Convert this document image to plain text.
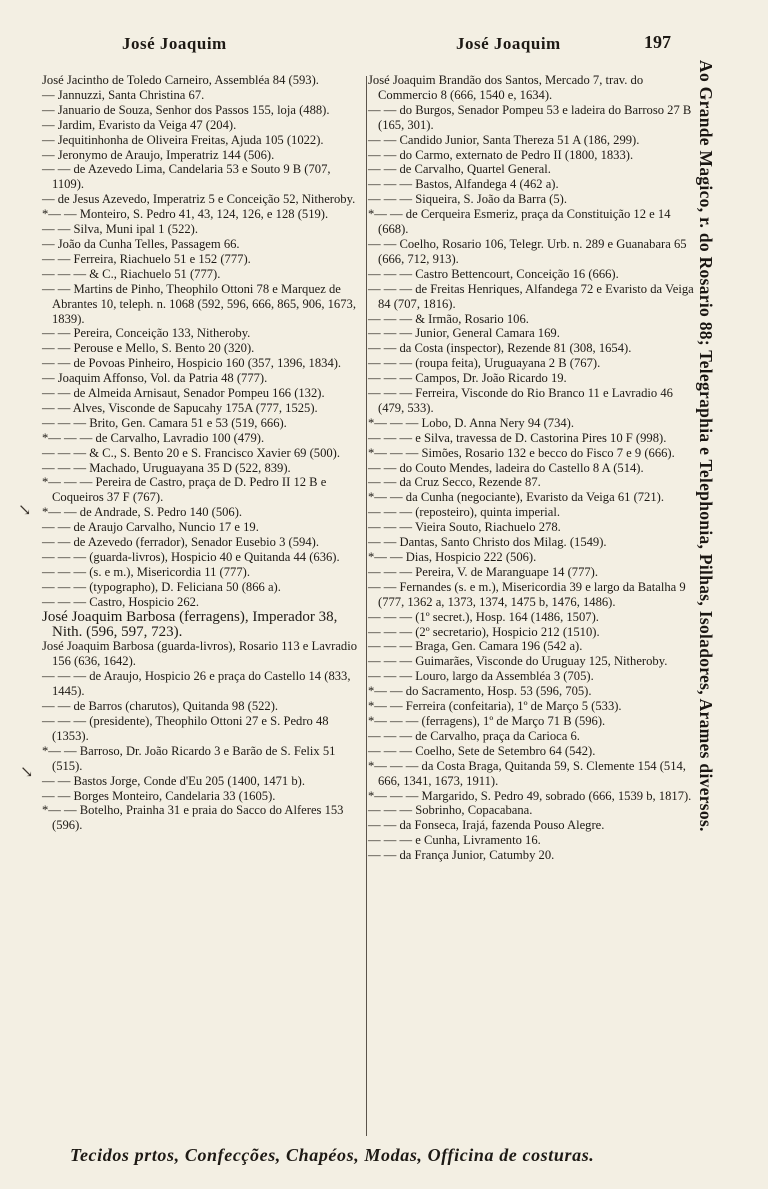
José Joaquim	José Joaquim	197
José Jacintho de Toledo Carneiro, Assembléa 84 (593).
— Jannuzzi, Santa Christina 67.
— Januario de Souza, Senhor dos Passos 155, loja (488).
— Jardim, Evaristo da Veiga 47 (204).
— Jequitinhonha de Oliveira Freitas, Ajuda 105 (1022).
— Jeronymo de Araujo, Imperatriz 144 (506).
— — de Azevedo Lima, Candelaria 53 e Souto 9 B (707, 1109).
— de Jesus Azevedo, Imperatriz 5 e Conceição 52, Nitheroby.
*— — Monteiro, S. Pedro 41, 43, 124, 126, e 128 (519).
— — Silva, Muni ipal 1 (522).
— João da Cunha Telles, Passagem 66.
— — Ferreira, Riachuelo 51 e 152 (777).
— — — & C., Riachuelo 51 (777).
— — Martins de Pinho, Theophilo Ottoni 78 e Marquez de Abrantes 10, teleph. n. 1068 (592, 596, 666, 865, 906, 1673, 1839).
— — Pereira, Conceição 133, Nitheroby.
— — Perouse e Mello, S. Bento 20 (320).
— — de Povoas Pinheiro, Hospicio 160 (357, 1396, 1834).
— Joaquim Affonso, Vol. da Patria 48 (777).
— — de Almeida Arnisaut, Senador Pompeu 166 (132).
— — Alves, Visconde de Sapucahy 175A (777, 1525).
— — — Brito, Gen. Camara 51 e 53 (519, 666).
*— — — de Carvalho, Lavradio 100 (479).
— — — & C., S. Bento 20 e S. Francisco Xavier 69 (500).
— — — Machado, Uruguayana 35 D (522, 839).
*— — — Pereira de Castro, praça de D. Pedro II 12 B e Coqueiros 37 F (767).
*— — de Andrade, S. Pedro 140 (506).
— — de Araujo Carvalho, Nuncio 17 e 19.
— — de Azevedo (ferrador), Senador Eusebio 3 (594).
— — — (guarda-livros), Hospicio 40 e Quitanda 44 (636).
— — — (s. e m.), Misericordia 11 (777).
— — — (typographo), D. Feliciana 50 (866 a).
— — — Castro, Hospicio 262.
José Joaquim Barbosa (ferragens), Imperador 38, Nith. (596, 597, 723).
José Joaquim Barbosa (guarda-livros), Rosario 113 e Lavradio 156 (636, 1642).
— — — de Araujo, Hospicio 26 e praça do Castello 14 (833, 1445).
— — de Barros (charutos), Quitanda 98 (522).
— — — (presidente), Theophilo Ottoni 27 e S. Pedro 48 (1353).
*— — Barroso, Dr. João Ricardo 3 e Barão de S. Felix 51 (515).
— — Bastos Jorge, Conde d'Eu 205 (1400, 1471 b).
— — Borges Monteiro, Candelaria 33 (1605).
*— — Botelho, Prainha 31 e praia do Sacco do Alferes 153 (596).
José Joaquim Brandão dos Santos, Mercado 7, trav. do Commercio 8 (666, 1540 e, 1634).
— — do Burgos, Senador Pompeu 53 e ladeira do Barroso 27 B (165, 301).
— — Candido Junior, Santa Thereza 51 A (186, 299).
— — do Carmo, externato de Pedro II (1800, 1833).
— — de Carvalho, Quartel General.
— — — Bastos, Alfandega 4 (462 a).
— — — Siqueira, S. João da Barra (5).
*— — de Cerqueira Esmeriz, praça da Constituição 12 e 14 (668).
— — Coelho, Rosario 106, Telegr. Urb. n. 289 e Guanabara 65 (666, 712, 913).
— — — Castro Bettencourt, Conceição 16 (666).
— — — de Freitas Henriques, Alfandega 72 e Evaristo da Veiga 84 (707, 1816).
— — — & Irmão, Rosario 106.
— — — Junior, General Camara 169.
— — da Costa (inspector), Rezende 81 (308, 1654).
— — — (roupa feita), Uruguayana 2 B (767).
— — — Campos, Dr. João Ricardo 19.
— — — Ferreira, Visconde do Rio Branco 11 e Lavradio 46 (479, 533).
*— — — Lobo, D. Anna Nery 94 (734).
— — — e Silva, travessa de D. Castorina Pires 10 F (998).
*— — — Simões, Rosario 132 e becco do Fisco 7 e 9 (666).
— — do Couto Mendes, ladeira do Castello 8 A (514).
— — da Cruz Secco, Rezende 87.
*— — da Cunha (negociante), Evaristo da Veiga 61 (721).
— — — (reposteiro), quinta imperial.
— — — Vieira Souto, Riachuelo 278.
— — Dantas, Santo Christo dos Milag. (1549).
*— — Dias, Hospicio 222 (506).
— — — Pereira, V. de Maranguape 14 (777).
— — Fernandes (s. e m.), Misericordia 39 e largo da Batalha 9 (777, 1362 a, 1373, 1374, 1475 b, 1476, 1486).
— — — (1º secret.), Hosp. 164 (1486, 1507).
— — — (2º secretario), Hospicio 212 (1510).
— — — Braga, Gen. Camara 196 (542 a).
— — — Guimarães, Visconde do Uruguay 125, Nitheroby.
— — — Louro, largo da Assembléa 3 (705).
*— — do Sacramento, Hosp. 53 (596, 705).
*— — Ferreira (confeitaria), 1º de Março 5 (533).
*— — — (ferragens), 1º de Março 71 B (596).
— — — de Carvalho, praça da Carioca 6.
— — — Coelho, Sete de Setembro 64 (542).
*— — — da Costa Braga, Quitanda 59, S. Clemente 154 (514, 666, 1341, 1673, 1911).
*— — — Margarido, S. Pedro 49, sobrado (666, 1539 b, 1817).
— — — Sobrinho, Copacabana.
— — da Fonseca, Irajá, fazenda Pouso Alegre.
— — — e Cunha, Livramento 16.
— — da França Junior, Catumby 20.
Ao Grande Magico, r. do Rosario 88; Telegraphia e Telephonia, Pilhas, Isoladores, Arames diversos.
↘
↘
Tecidos prtos, Confecções, Chapéos, Modas, Officina de costuras.
